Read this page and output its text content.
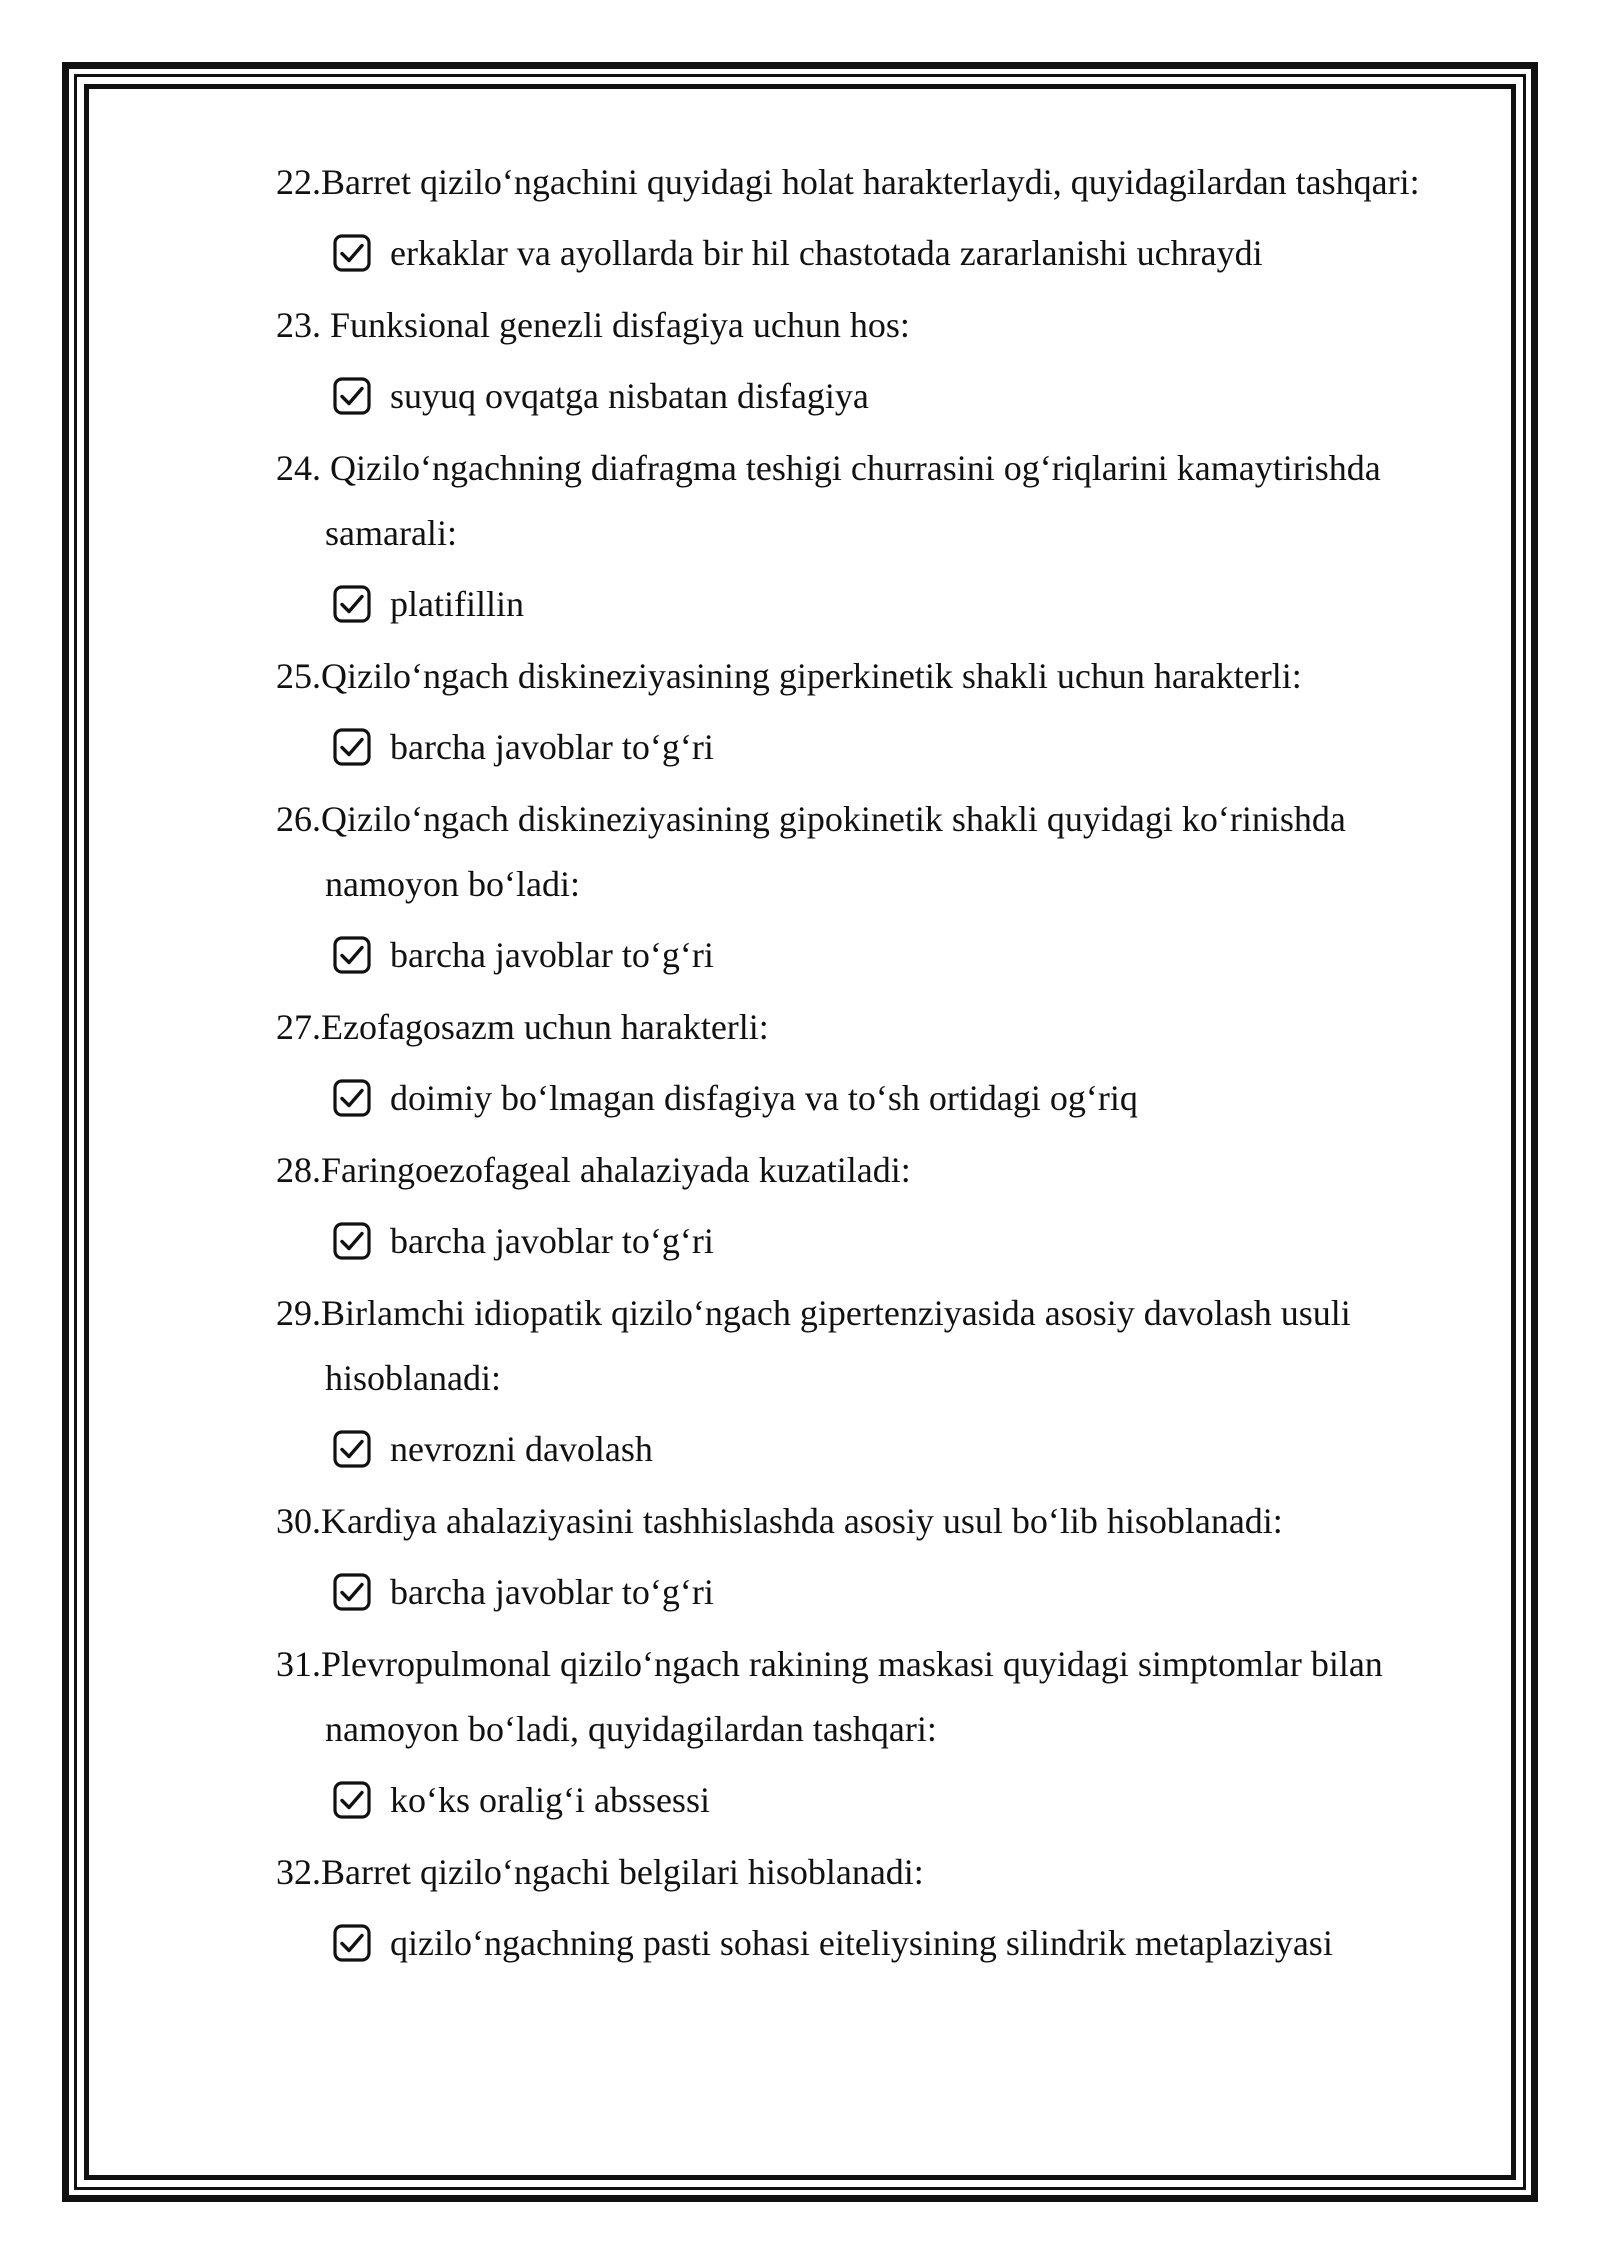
22.Barret qiziloʻngachini quyidagi holat harakterlaydi, quyidagilardan tashqari:
erkaklar va ayollarda bir hil chastotada zararlanishi uchraydi
23. Funksional genezli disfagiya uchun hos:
suyuq ovqatga nisbatan disfagiya
24. Qiziloʻngachning diafragma teshigi churrasini ogʻriqlarini kamaytirishda
samarali:
platifillin
25.Qiziloʻngach diskineziyasining giperkinetik shakli uchun harakterli:
barcha javoblar toʻgʻri
26.Qiziloʻngach diskineziyasining gipokinetik shakli quyidagi koʻrinishda
namoyon boʻladi:
barcha javoblar toʻgʻri
27.Ezofagosazm uchun harakterli:
doimiy boʻlmagan disfagiya va toʻsh ortidagi ogʻriq
28.Faringoezofageal ahalaziyada kuzatiladi:
barcha javoblar toʻgʻri
29.Birlamchi idiopatik qiziloʻngach gipertenziyasida asosiy davolash usuli
hisoblanadi:
nevrozni davolash
30.Kardiya ahalaziyasini tashhislashda asosiy usul boʻlib hisoblanadi:
barcha javoblar toʻgʻri
31.Plevropulmonal qiziloʻngach rakining maskasi quyidagi simptomlar bilan
namoyon boʻladi, quyidagilardan tashqari:
koʻks oraligʻi abssessi
32.Barret qiziloʻngachi belgilari hisoblanadi:
qiziloʻngachning pasti sohasi eiteliysining silindrik metaplaziyasi
